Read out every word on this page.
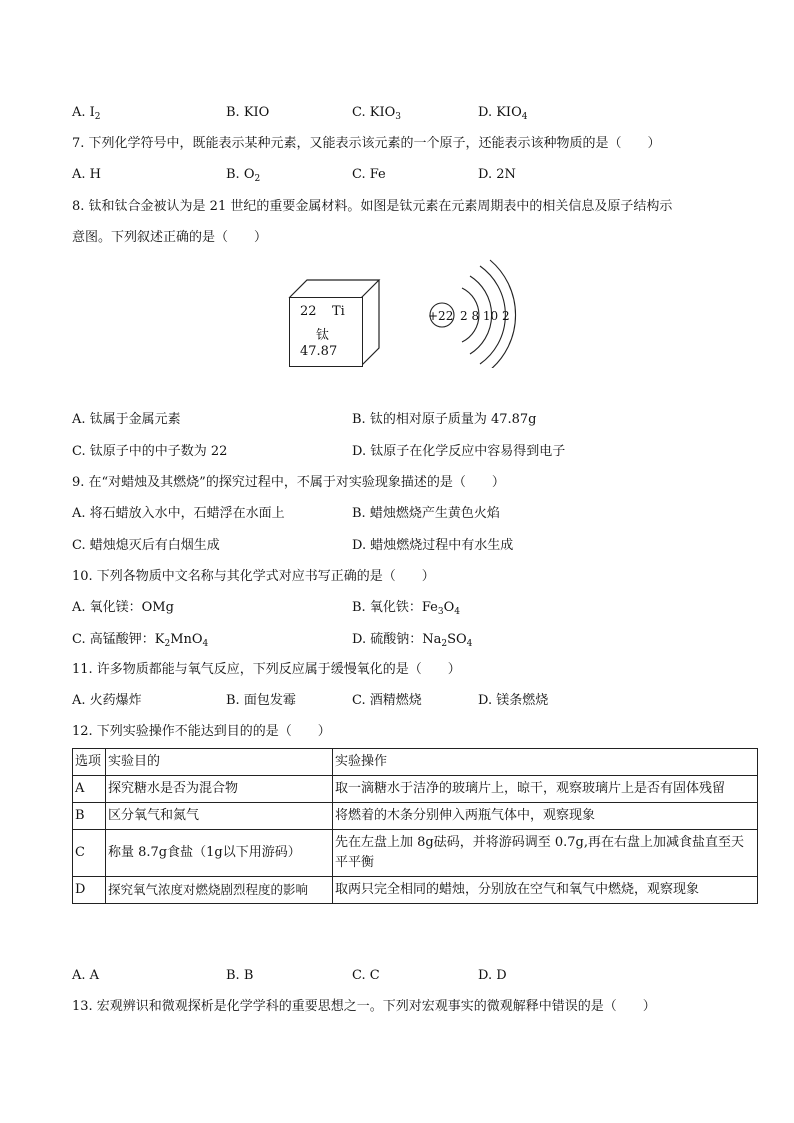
A. $I_2$	B. KIO	C. $KIO_3$	D. $KIO_4$
7. 下列化学符号中，既能表示某种元素，又能表示该元素的一个原子，还能表示该种物质的是（　　）
A. H	B. $O_2$	C. Fe	D. 2N
8. 钛和钛合金被认为是 21 世纪的重要金属材料。如图是钛元素在元素周期表中的相关信息及原子结构示
意图。下列叙述正确的是（　　）
22 Ti
钛
47.87
+22 2 8 10 2
A. 钛属于金属元素	B. 钛的相对原子质量为 47.87g
C. 钛原子中的中子数为 22	D. 钛原子在化学反应中容易得到电子
9. 在“对蜡烛及其燃烧”的探究过程中，不属于对实验现象描述的是（　　）
A. 将石蜡放入水中，石蜡浮在水面上	B. 蜡烛燃烧产生黄色火焰
C. 蜡烛熄灭后有白烟生成	D. 蜡烛燃烧过程中有水生成
10. 下列各物质中文名称与其化学式对应书写正确的是（　　）
A. 氧化镁：OMg	B. 氧化铁：$Fe_3O_4$
C. 高锰酸钾：$K_2MnO_4$	D. 硫酸钠：$Na_2SO_4$
11. 许多物质都能与氧气反应，下列反应属于缓慢氧化的是（　　）
A. 火药爆炸	B. 面包发霉	C. 酒精燃烧	D. 镁条燃烧
12. 下列实验操作不能达到目的的是（　　）
选项	实验目的	实验操作
A	探究糖水是否为混合物	取一滴糖水于洁净的玻璃片上，晾干，观察玻璃片上是否有固体残留
B	区分氧气和氮气	将燃着的木条分别伸入两瓶气体中，观察现象
C	称量 8.7g食盐（1g以下用游码）	先在左盘上加 8g砝码，并将游码调至 0.7g,再在右盘上加减食盐直至天平平衡
D	探究氧气浓度对燃烧剧烈程度的影响	取两只完全相同的蜡烛，分别放在空气和氧气中燃烧，观察现象
A. A	B. B	C. C	D. D
13. 宏观辨识和微观探析是化学学科的重要思想之一。下列对宏观事实的微观解释中错误的是（　　）
